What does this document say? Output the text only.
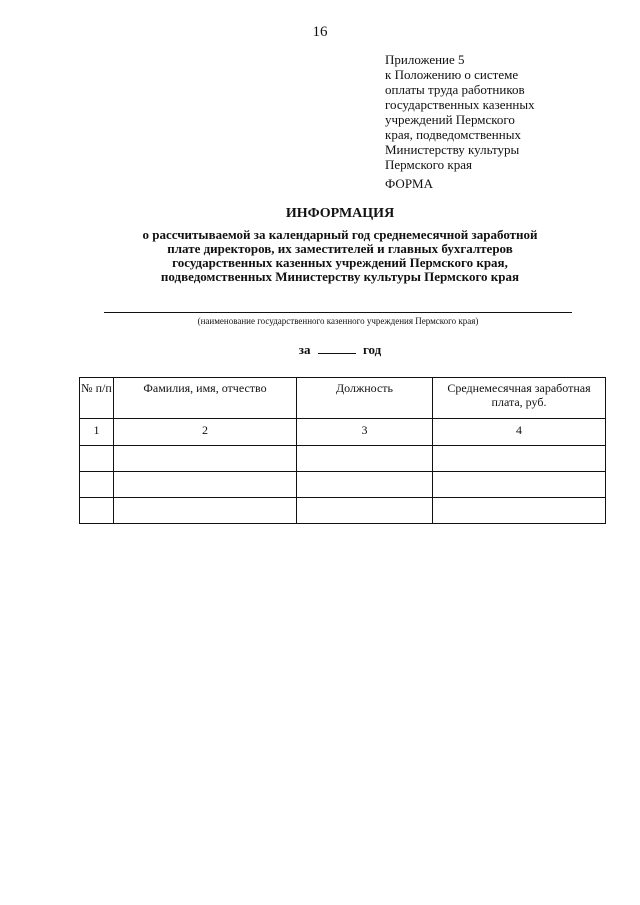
16
Приложение 5
к Положению о системе
оплаты труда работников
государственных казенных
учреждений Пермского
края, подведомственных
Министерству культуры
Пермского края
ФОРМА
ИНФОРМАЦИЯ
о рассчитываемой за календарный год среднемесячной заработной
плате директоров, их заместителей и главных бухгалтеров
государственных казенных учреждений Пермского края,
подведомственных Министерству культуры Пермского края
(наименование государственного казенного учреждения Пермского края)
за	год
№ п/п	Фамилия, имя, отчество	Должность	Среднемесячная заработная плата, руб.
1	2	3	4
